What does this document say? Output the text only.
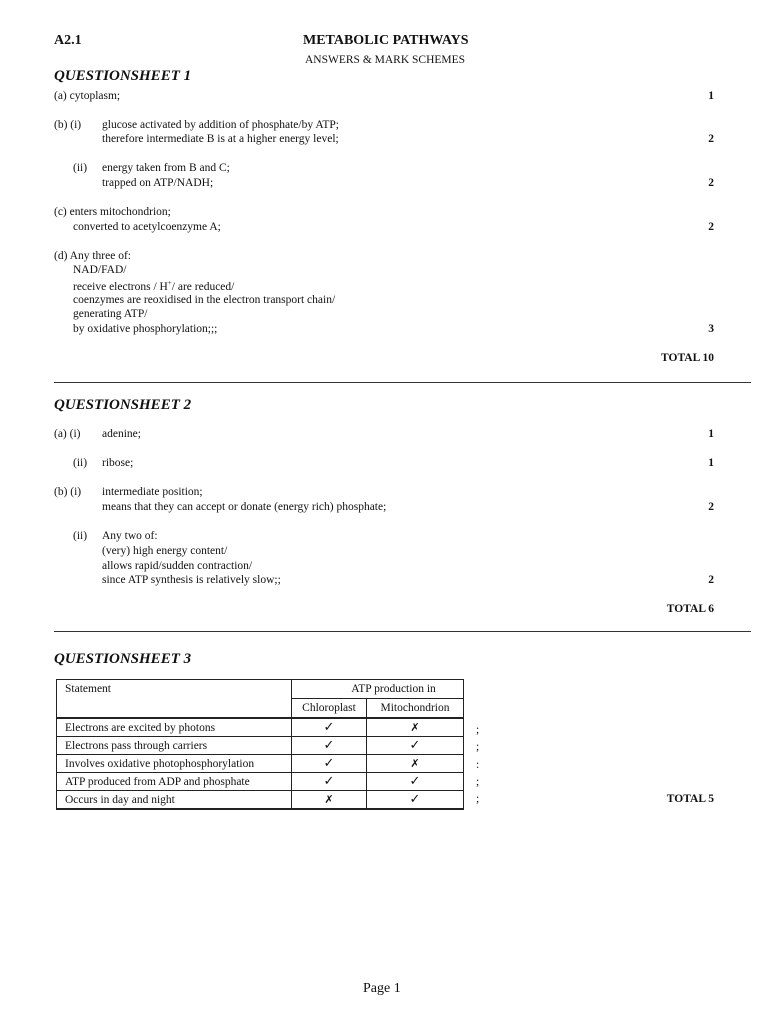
A2.1	METABOLIC PATHWAYS
ANSWERS & MARK SCHEMES
QUESTIONSHEET 1
(a) cytoplasm;	1
(b) (i) glucose activated by addition of phosphate/by ATP;
therefore intermediate B is at a higher energy level;	2
(ii) energy taken from B and C;
trapped on ATP/NADH;	2
(c) enters mitochondrion;
converted to acetylcoenzyme A;	2
(d) Any three of:
NAD/FAD/
receive electrons / H+/ are reduced/
coenzymes are reoxidised in the electron transport chain/
generating ATP/
by oxidative phosphorylation;;;	3
TOTAL 10
QUESTIONSHEET 2
(a) (i) adenine;	1
(ii) ribose;	1
(b) (i) intermediate position;
means that they can accept or donate (energy rich) phosphate;	2
(ii) Any two of:
(very) high energy content/
allows rapid/sudden contraction/
since ATP synthesis is relatively slow;;	2
TOTAL 6
QUESTIONSHEET 3
Statement	ATP production in	
	Chloroplast	Mitochondrion
Electrons are excited by photons	✓	✗
Electrons pass through carriers	✓	✓
Involves oxidative photophosphorylation	✓	✗
ATP produced from ADP and phosphate	✓	✓
Occurs in day and night	✗	✓
;
;
:
;
;	TOTAL 5
Page 1
